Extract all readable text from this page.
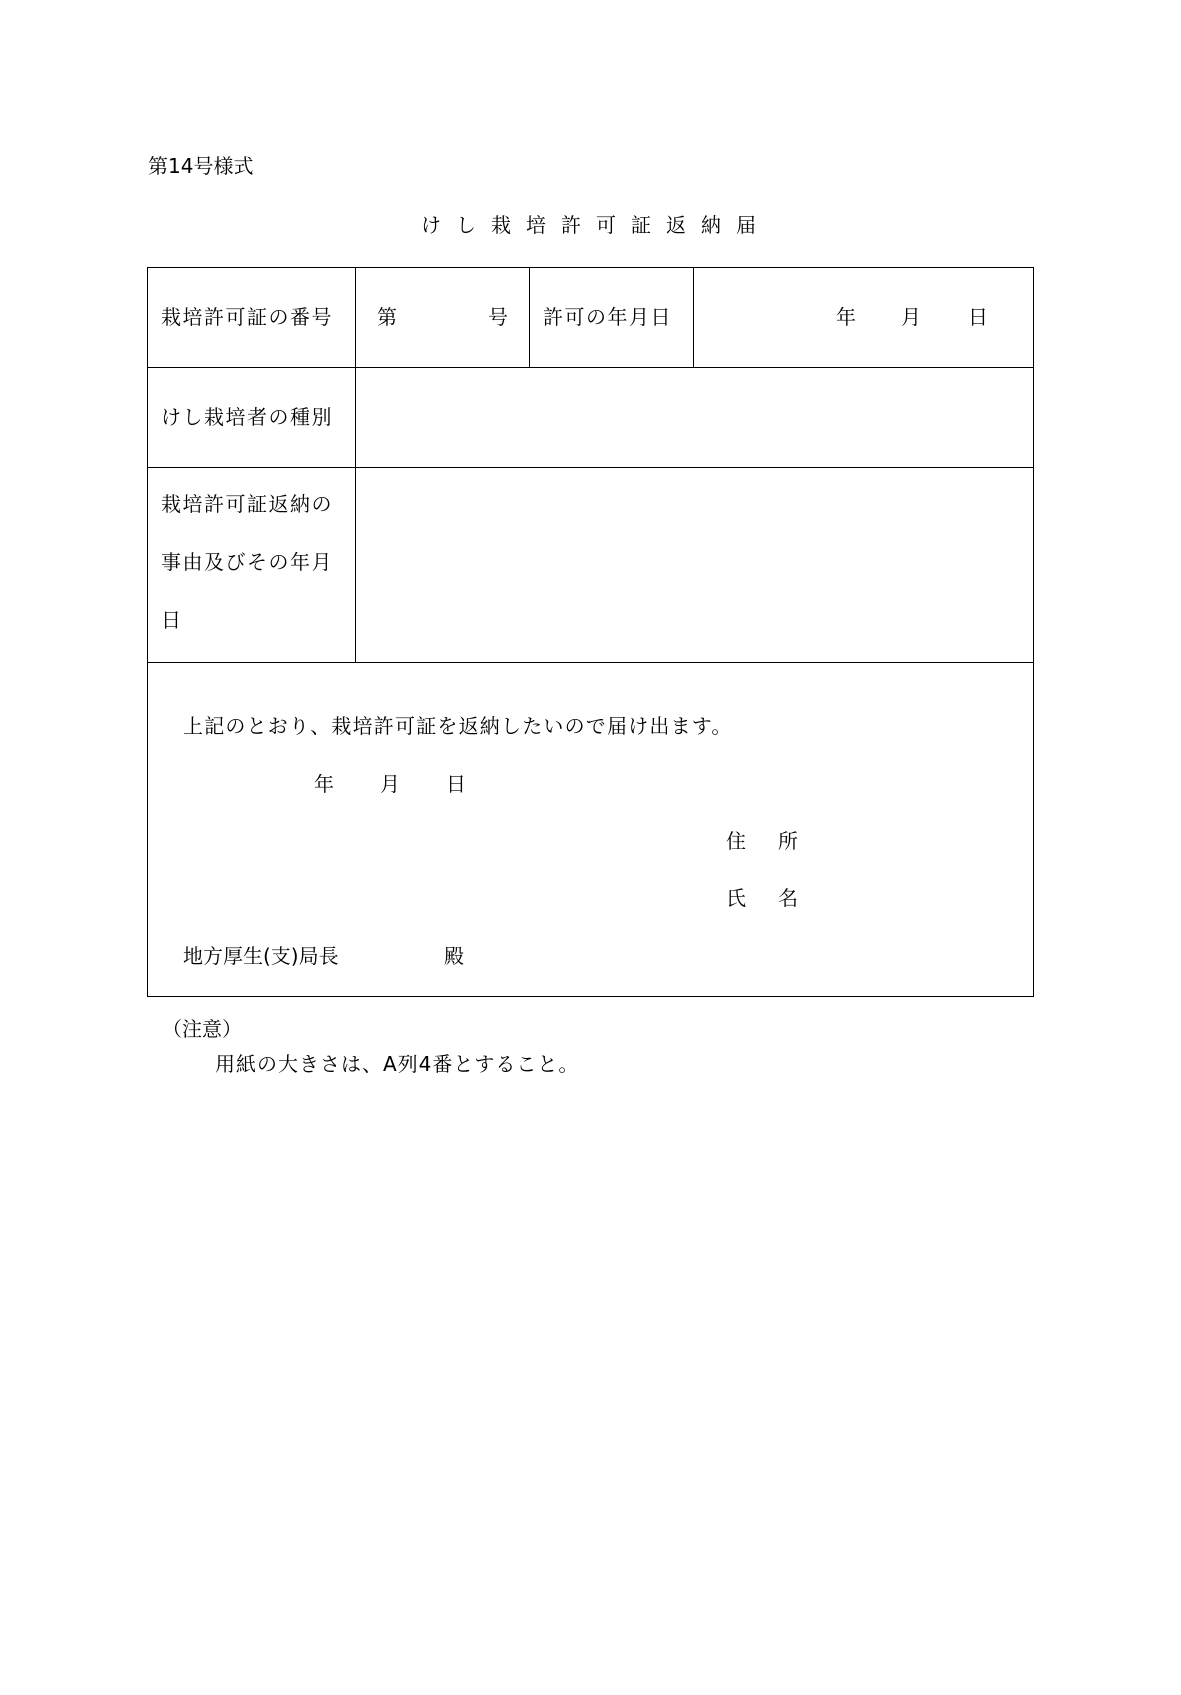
第14号様式
けし栽培許可証返納届
栽培許可証の番号 第	号 許可の年月日	年 月 日
けし栽培者の種別
栽培許可証返納の
事由及びその年月
日
上記のとおり、栽培許可証を返納したいので届け出ます。
年 月 日
住　所
氏　名
地方厚生(支)局長	殿
（注意）
用紙の大きさは、A列4番とすること。
